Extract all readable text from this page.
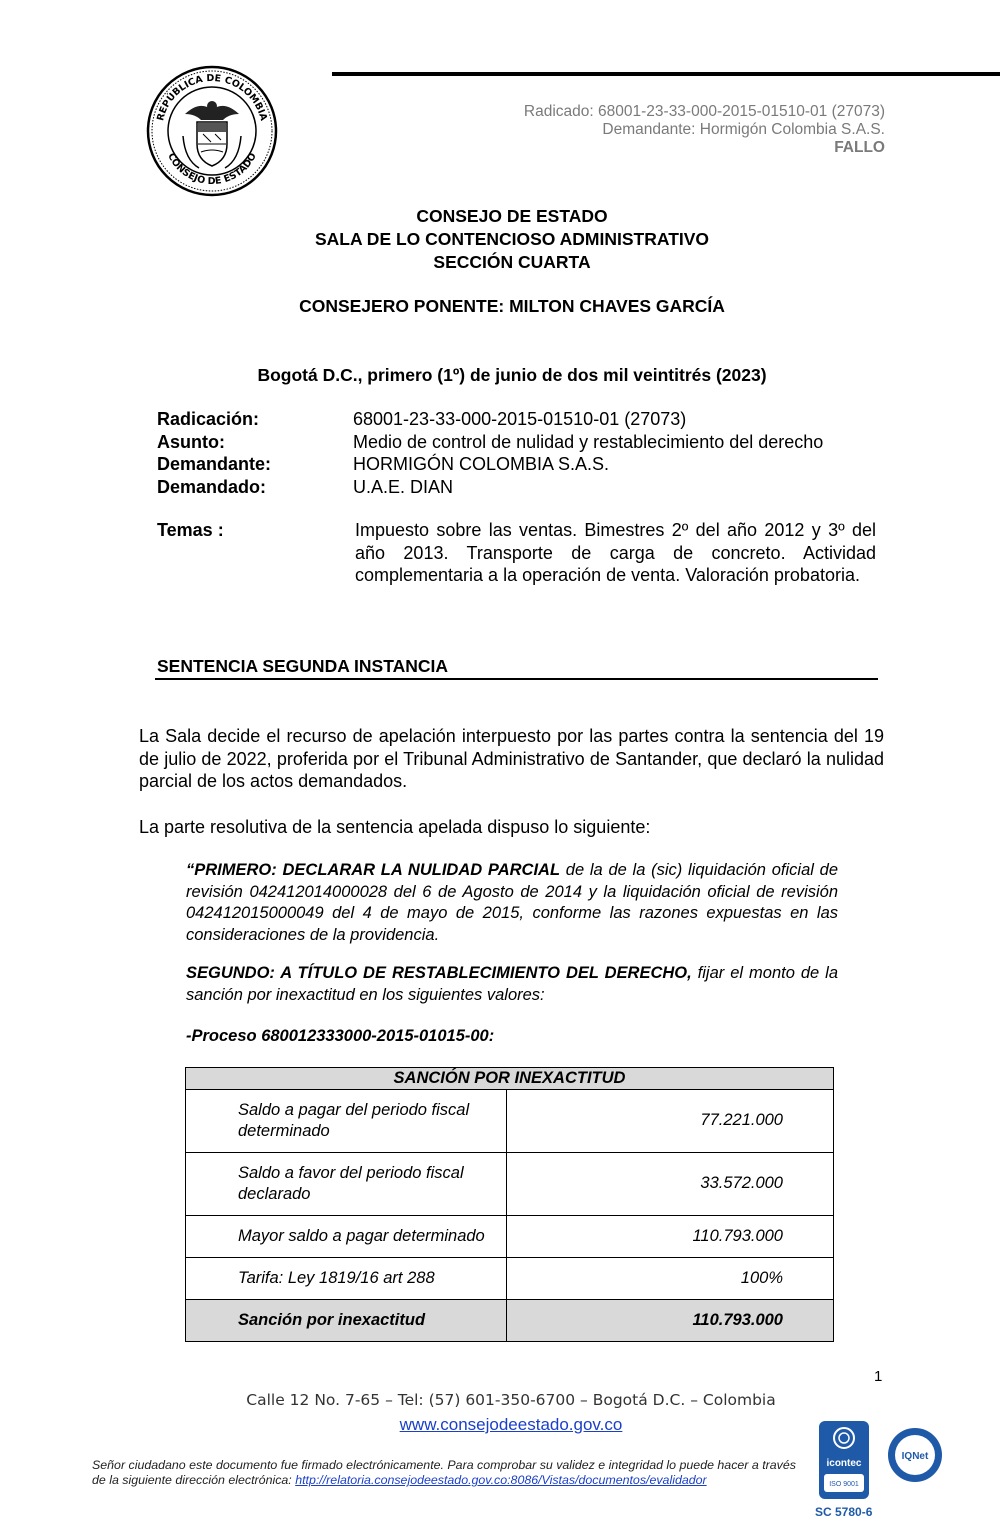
REPÚBLICA DE COLOMBIA
CONSEJO DE ESTADO
Radicado: 68001-23-33-000-2015-01510-01 (27073)
Demandante: Hormigón Colombia S.A.S.
FALLO
CONSEJO DE ESTADO
SALA DE LO CONTENCIOSO ADMINISTRATIVO
SECCIÓN CUARTA
CONSEJERO PONENTE: MILTON CHAVES GARCÍA
Bogotá D.C., primero (1º) de junio de dos mil veintitrés (2023)
Radicación:	68001-23-33-000-2015-01510-01 (27073)
Asunto:	Medio de control de nulidad y restablecimiento del derecho
Demandante:	HORMIGÓN COLOMBIA S.A.S.
Demandado:	U.A.E. DIAN
Temas :	Impuesto sobre las ventas. Bimestres 2º del año 2012 y 3º del año 2013. Transporte de carga de concreto. Actividad complementaria a la operación de venta. Valoración probatoria.
SENTENCIA SEGUNDA INSTANCIA
La Sala decide el recurso de apelación interpuesto por las partes contra la sentencia del 19 de julio de 2022, proferida por el Tribunal Administrativo de Santander, que declaró la nulidad parcial de los actos demandados.
La parte resolutiva de la sentencia apelada dispuso lo siguiente:
“PRIMERO: DECLARAR LA NULIDAD PARCIAL de la de la (sic) liquidación oficial de revisión 042412014000028 del 6 de Agosto de 2014 y la liquidación oficial de revisión 042412015000049 del 4 de mayo de 2015, conforme las razones expuestas en las consideraciones de la providencia.
SEGUNDO: A TÍTULO DE RESTABLECIMIENTO DEL DERECHO, fijar el monto de la sanción por inexactitud en los siguientes valores:
-Proceso 680012333000-2015-01015-00:
SANCIÓN POR INEXACTITUD	
Saldo a pagar del periodo fiscal determinado	77.221.000
Saldo a favor del periodo fiscal declarado	33.572.000
Mayor saldo a pagar determinado	110.793.000
Tarifa: Ley 1819/16 art 288	100%
Sanción por inexactitud	110.793.000
1
Calle 12 No. 7-65 – Tel: (57) 601-350-6700 – Bogotá D.C. – Colombia
www.consejodeestado.gov.co
Señor ciudadano este documento fue firmado electrónicamente. Para comprobar su validez e integridad lo puede hacer a través de la siguiente dirección electrónica: http://relatoria.consejodeestado.gov.co:8086/Vistas/documentos/evalidador
icontec
ISO 9001
IQNet
SC 5780-6
